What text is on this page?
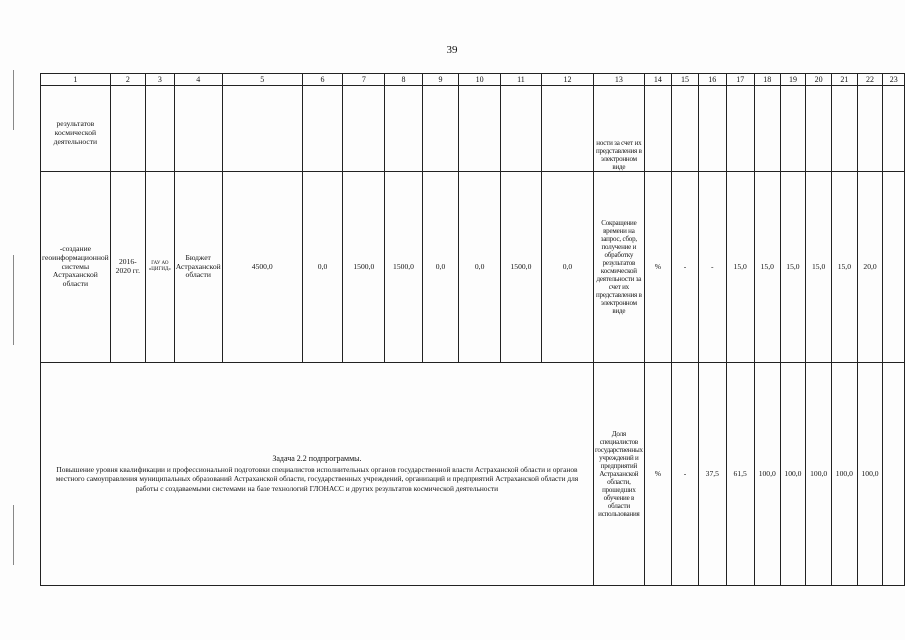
39
1	2	3	4	5	6	7	8	9	10	11	12	13	14	15	16	17	18	19	20	21	22	23
результатов космической деятельности												ности за счет их представления в электронном виде										
-создание геоинформационной системы Астраханской области	2016-2020 гг.	ГАУ АО «ЦИГИД»	Бюджет Астраханской области	4500,0	0,0	1500,0	1500,0	0,0	0,0	1500,0	0,0	Сокращение времени на запрос, сбор, получение и обработку результатов космической деятельности за счет их представления в электронном виде	%	-	-	15,0	15,0	15,0	15,0	15,0	20,0	

Задача 2.2 подпрограммы.
Повышение уровня квалификации и профессиональной подготовки специалистов исполнительных органов государственной власти Астраханской области и органов местного самоуправления муниципальных образований Астраханской области, государственных учреждений, организаций и предприятий Астраханской области для работы с создаваемыми системами на базе технологий ГЛОНАСС и других результатов космической деятельности												Доля специалистов государственных учреждений и предприятий Астраханской области, прошедших обучение в области использования	%	-	37,5	61,5	100,0	100,0	100,0	100,0	100,0	
